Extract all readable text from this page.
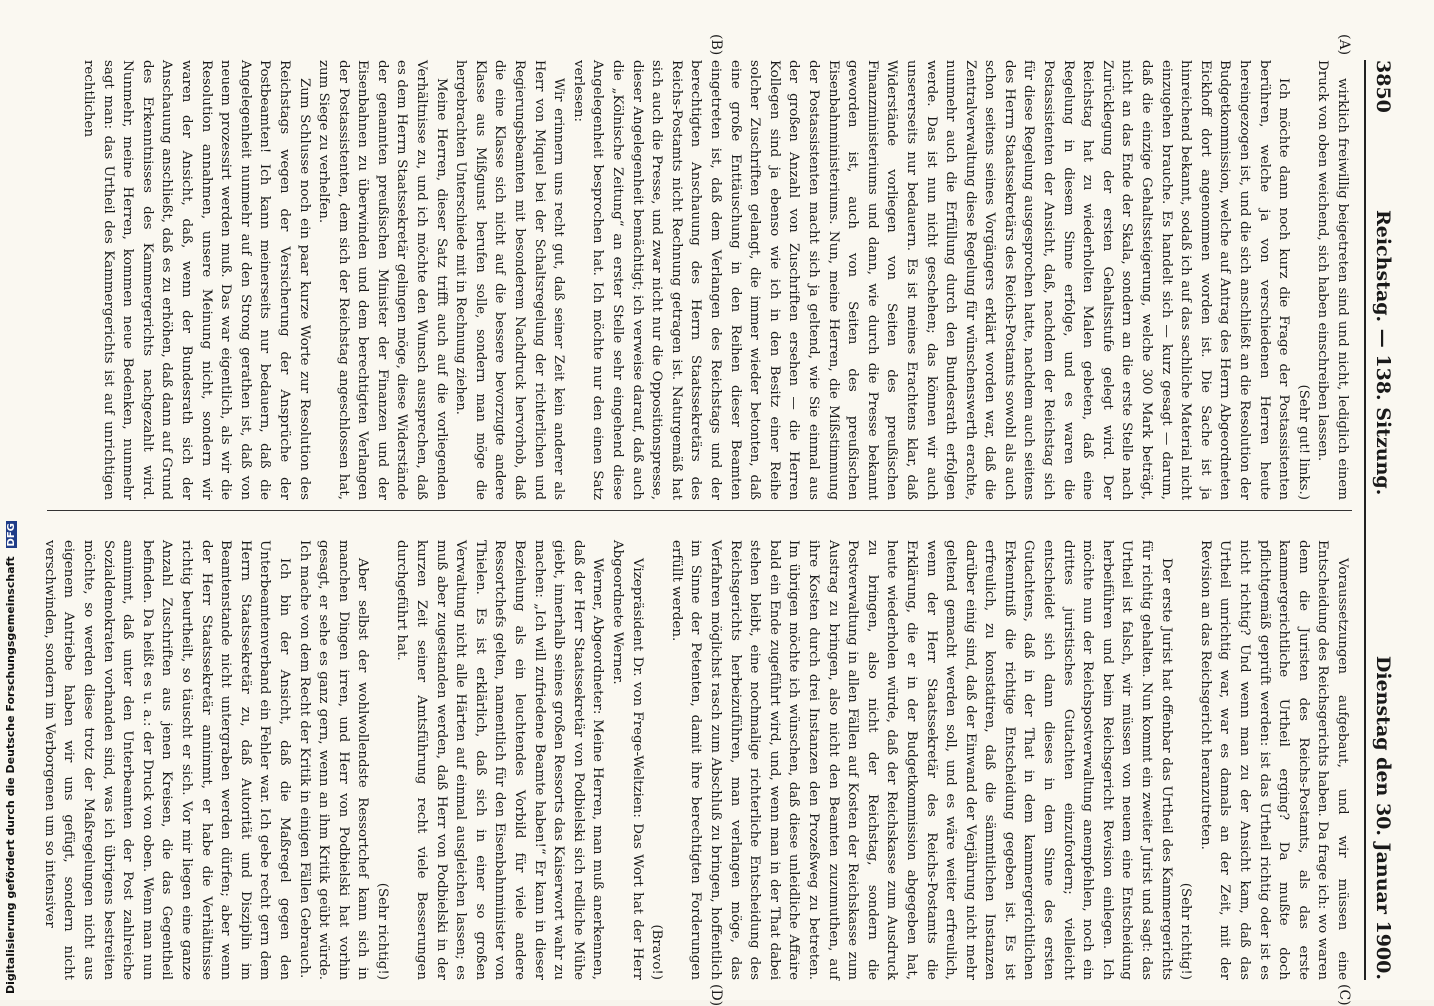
3850
Reichstag. — 138. Sitzung.
Dienstag den 30. Januar 1900.
(A)
(B)
(C)
(D)

wirklich freiwillig beigetreten sind und nicht, lediglich einem Druck von oben weichend, sich haben einschreiben lassen.

(Sehr gut! links.)

Ich möchte dann noch kurz die Frage der Postassistenten berühren, welche ja von verschiedenen Herren heute hereingezogen ist, und die sich anschließt an die Resolution der Budgetkommission, welche auf Antrag des Herrn Abgeordneten Eickhoff dort angenommen worden ist. Die Sache ist ja hinreichend bekannt, sodaß ich auf das sachliche Material nicht einzugehen brauche. Es handelt sich — kurz gesagt — darum, daß die einzige Gehaltssteigerung, welche 300 Mark beträgt, nicht an das Ende der Skala, sondern an die erste Stelle nach Zurücklegung der ersten Gehaltsstufe gelegt wird. Der Reichstag hat zu wiederholten Malen gebeten, daß eine Regelung in diesem Sinne erfolge, und es waren die Postassistenten der Ansicht, daß, nachdem der Reichstag sich für diese Regelung ausgesprochen hatte, nachdem auch seitens des Herrn Staatssekretärs des Reichs-Postamts sowohl als auch schon seitens seines Vorgängers erklärt worden war, daß die Zentralverwaltung diese Regelung für wünschenswerth erachte, nunmehr auch die Erfüllung durch den Bundesrath erfolgen werde. Das ist nun nicht geschehen; das können wir auch unsererseits nur bedauern. Es ist meines Erachtens klar, daß Widerstände vorliegen von Seiten des preußischen Finanzministeriums und dann, wie durch die Presse bekannt geworden ist, auch von Seiten des preußischen Eisenbahnministeriums. Nun, meine Herren, die Mißstimmung der Postassistenten macht sich ja geltend, wie Sie einmal aus der großen Anzahl von Zuschriften ersehen — die Herren Kollegen sind ja ebenso wie ich in den Besitz einer Reihe solcher Zuschriften gelangt, die immer wieder betonten, daß eine große Enttäuschung in den Reihen dieser Beamten eingetreten ist, daß dem Verlangen des Reichstags und der berechtigten Anschauung des Herrn Staatssekretärs des Reichs-Postamts nicht Rechnung getragen ist. Naturgemäß hat sich auch die Presse, und zwar nicht nur die Oppositionspresse, dieser Angelegenheit bemächtigt; ich verweise darauf, daß auch die „Kölnische Zeitung“ an erster Stelle sehr eingehend diese Angelegenheit besprochen hat. Ich möchte nur den einen Satz verlesen:

Wir erinnern uns recht gut, daß seiner Zeit kein anderer als Herr von Miquel bei der Schaltsregelung der richterlichen und Regierungsbeamten mit besonderem Nachdruck hervorhob, daß die eine Klasse sich nicht auf die bessere bevorzugte andere Klasse aus Mißgunst berufen solle, sondern man möge die hergebrachten Unterschiede mit in Rechnung ziehen.

Meine Herren, dieser Satz trifft auch auf die vorliegenden Verhältnisse zu, und ich möchte den Wunsch aussprechen, daß es dem Herrn Staatssekretär gelingen möge, diese Widerstände der genannten preußischen Minister der Finanzen und der Eisenbahnen zu überwinden und dem berechtigten Verlangen der Postassistenten, dem sich der Reichstag angeschlossen hat, zum Siege zu verhelfen.

Zum Schlusse noch ein paar kurze Worte zur Resolution des Reichstags wegen der Versicherung der Ansprüche der Postbeamten! Ich kann meinerseits nur bedauern, daß die Angelegenheit nunmehr auf den Strong gerathen ist, daß von neuem prozessirt werden muß. Das war eigentlich, als wir die Resolution annahmen, unsere Meinung nicht, sondern wir waren der Ansicht, daß, wenn der Bundesrath sich der Anschauung anschließt, daß es zu erhöhen, daß dann auf Grund des Erkenntnisses des Kammergerichts nachgezahlt wird. Nunmehr, meine Herren, kommen neue Bedenken, nunmehr sagt man: das Urtheil des Kammergerichts ist auf unrichtigen rechtlichen

Voraussetzungen aufgebaut, und wir müssen eine Entscheidung des Reichsgerichts haben. Da frage ich: wo waren denn die Juristen des Reichs-Postamts, als das erste kammergerichtliche Urtheil erging? Da mußte doch pflichtgemäß geprüft werden: ist das Urtheil richtig oder ist es nicht richtig? Und wenn man zu der Ansicht kam, daß das Urtheil unrichtig war, war es damals an der Zeit, mit der Revision an das Reichsgericht heranzutreten.

(Sehr richtig!)

Der erste Jurist hat offenbar das Urtheil des Kammergerichts für richtig gehalten. Nun kommt ein zweiter Jurist und sagt: das Urtheil ist falsch, wir müssen von neuem eine Entscheidung herbeiführen und beim Reichsgericht Revision einlegen. Ich möchte nun der Reichspostverwaltung anempfehlen, noch ein drittes juristisches Gutachten einzufordern; vielleicht entscheidet sich dann dieses in dem Sinne des ersten Gutachtens, daß in der That in dem kammergerichtlichen Erkenntniß die richtige Entscheidung gegeben ist. Es ist erfreulich, zu konstatiren, daß die sämmtlichen Instanzen darüber einig sind, daß der Einwand der Verjährung nicht mehr geltend gemacht werden soll, und es wäre weiter erfreulich, wenn der Herr Staatssekretär des Reichs-Postamts die Erklärung, die er in der Budgetkommission abgegeben hat, heute wiederholen würde, daß der Reichskasse zum Ausdruck zu bringen, also nicht der Reichstag, sondern die Postverwaltung in allen Fällen auf Kosten der Reichskasse zum Austrag zu bringen, also nicht den Beamten zuzumuthen, auf ihre Kosten durch drei Instanzen den Prozeßweg zu betreten. Im übrigen möchte ich wünschen, daß diese unleidliche Affaire bald ein Ende zugeführt wird, und, wenn man in der That dabei stehen bleibt, eine nochmalige richterliche Entscheidung des Reichsgerichts herbeizuführen, man verlangen möge, das Verfahren möglichst rasch zum Abschluß zu bringen, hoffentlich im Sinne der Petenten, damit ihre berechtigten Forderungen erfüllt werden.

(Bravo!)

Vizepräsident Dr. von Frege-Weltzien: Das Wort hat der Herr Abgeordnete Werner.

Werner, Abgeordneter: Meine Herren, man muß anerkennen, daß der Herr Staatssekretär von Podbielski sich redliche Mühe giebt, innerhalb seines großen Ressorts das Kaiserwort wahr zu machen: „Ich will zufriedene Beamte haben!“ Er kann in dieser Beziehung als ein leuchtendes Vorbild für viele andere Ressortchefs gelten, namentlich für den Eisenbahnminister von Thielen. Es ist erklärlich, daß sich in einer so großen Verwaltung nicht alle Härten auf einmal ausgleichen lassen; es muß aber zugestanden werden, daß Herr von Podbielski in der kurzen Zeit seiner Amtsführung recht viele Besserungen durchgeführt hat.

(Sehr richtig!)

Aber selbst der wohlwollendste Ressortchef kann sich in manchen Dingen irren, und Herr von Podbielski hat vorhin gesagt, er sehe es ganz gern, wenn an ihm Kritik geübt würde. Ich mache von dem Recht der Kritik in einigen Fällen Gebrauch.

Ich bin der Ansicht, daß die Maßregel gegen den Unterbeamtenverband ein Fehler war. Ich gebe recht gern dem Herrn Staatssekretär zu, daß Autorität und Disziplin im Beamtenstande nicht untergraben werden dürfen; aber wenn der Herr Staatssekretär annimmt, er habe die Verhältnisse richtig beurtheilt, so täuscht er sich. Vor mir liegen eine ganze Anzahl Zuschriften aus jenen Kreisen, die das Gegentheil befinden. Da heißt es u. a.: der Druck von oben. Wenn man nun annimmt, daß unter den Unterbeamten der Post zahlreiche Sozialdemokraten vorhanden sind, was ich übrigens bestreiten möchte, so werden diese trotz der Maßregelungen nicht aus eigenem Antriebe haben wir uns gefügt, sondern nicht verschwinden, sondern im Verborgenen um so intensiver

Digitalisierung gefördert durch die Deutsche Forschungsgemeinschaft DFG
